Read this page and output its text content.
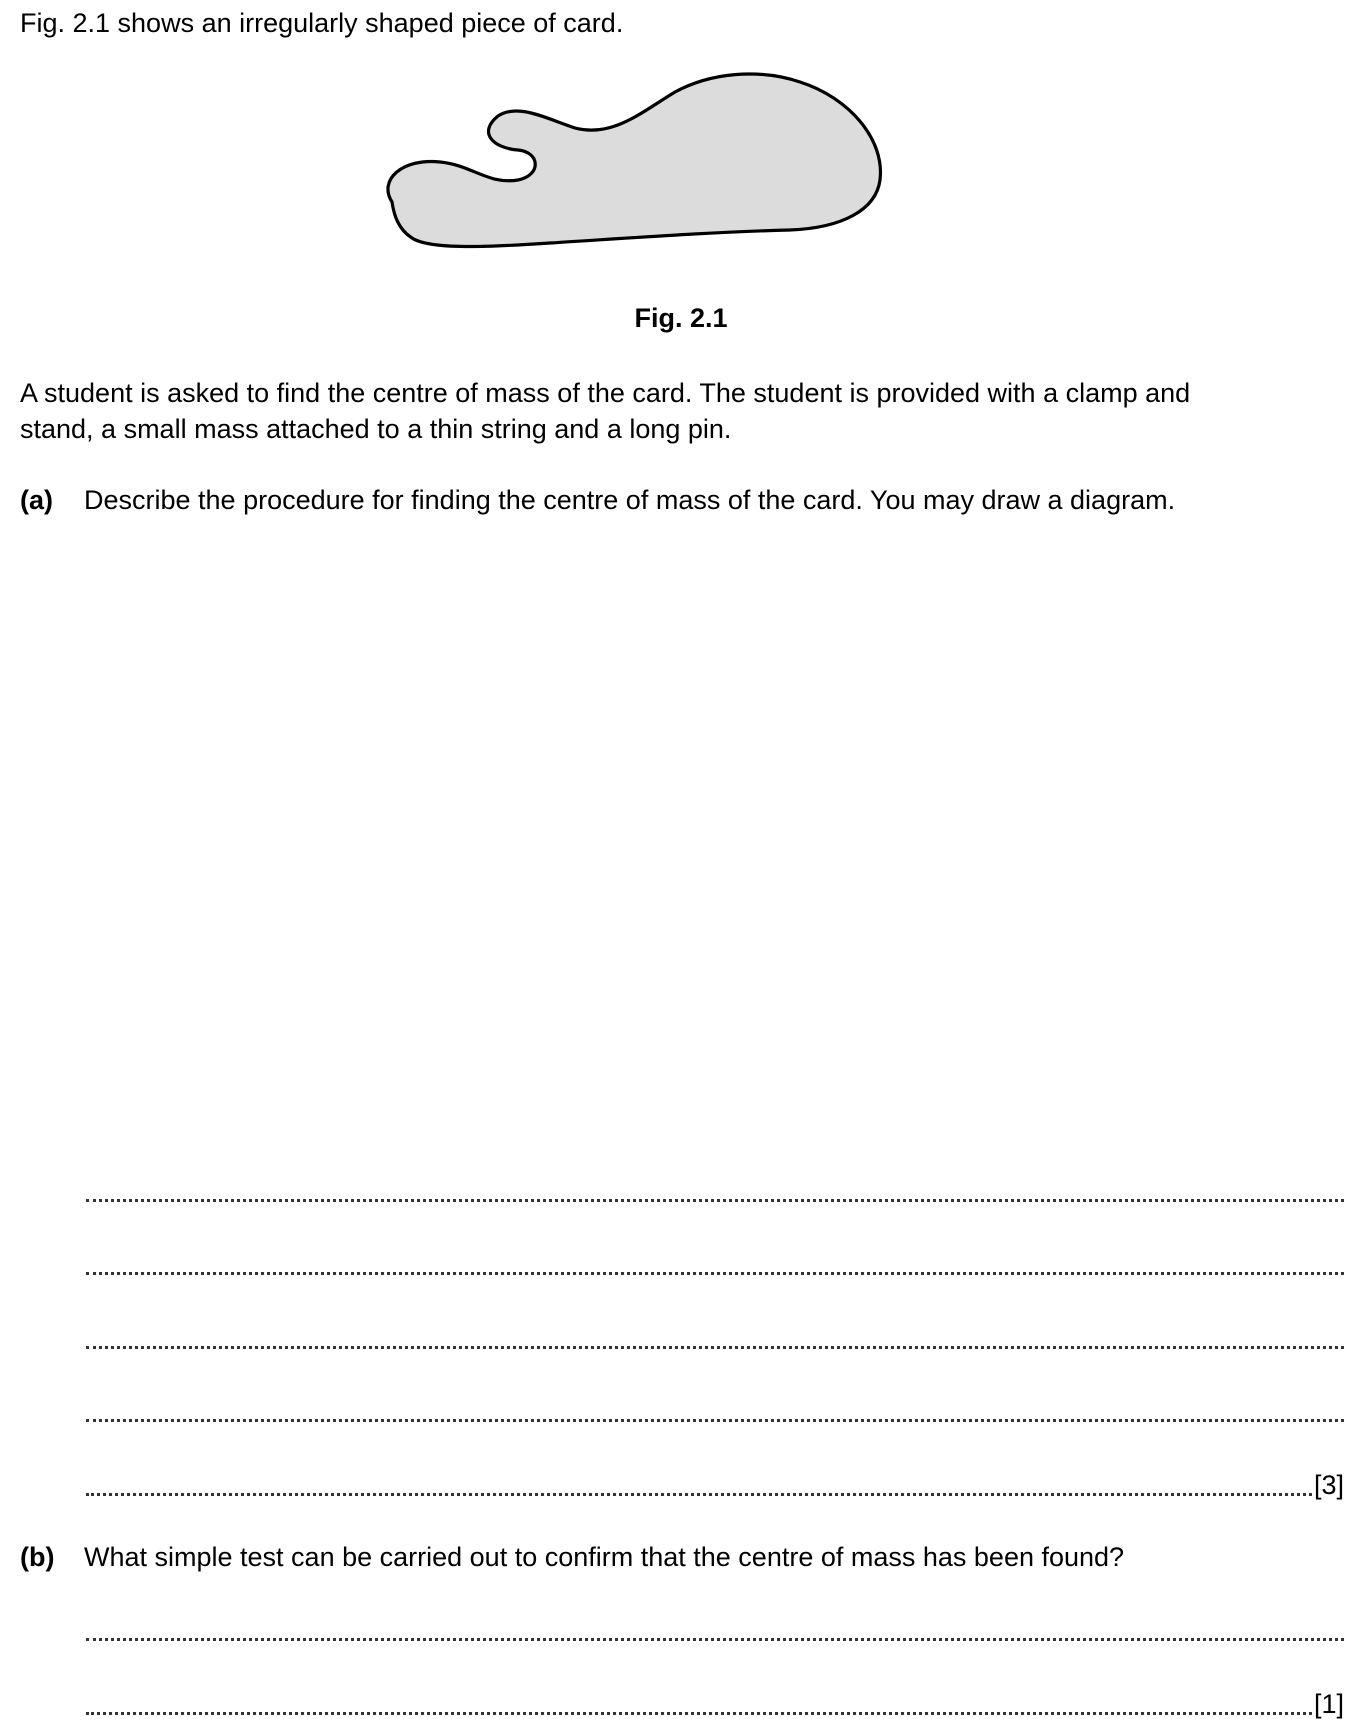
Fig. 2.1 shows an irregularly shaped piece of card.
Fig. 2.1
A student is asked to find the centre of mass of the card. The student is provided with a clamp and
stand, a small mass attached to a thin string and a long pin.
(a) Describe the procedure for finding the centre of mass of the card. You may draw a diagram.
[3]
(b) What simple test can be carried out to confirm that the centre of mass has been found?
[1]
